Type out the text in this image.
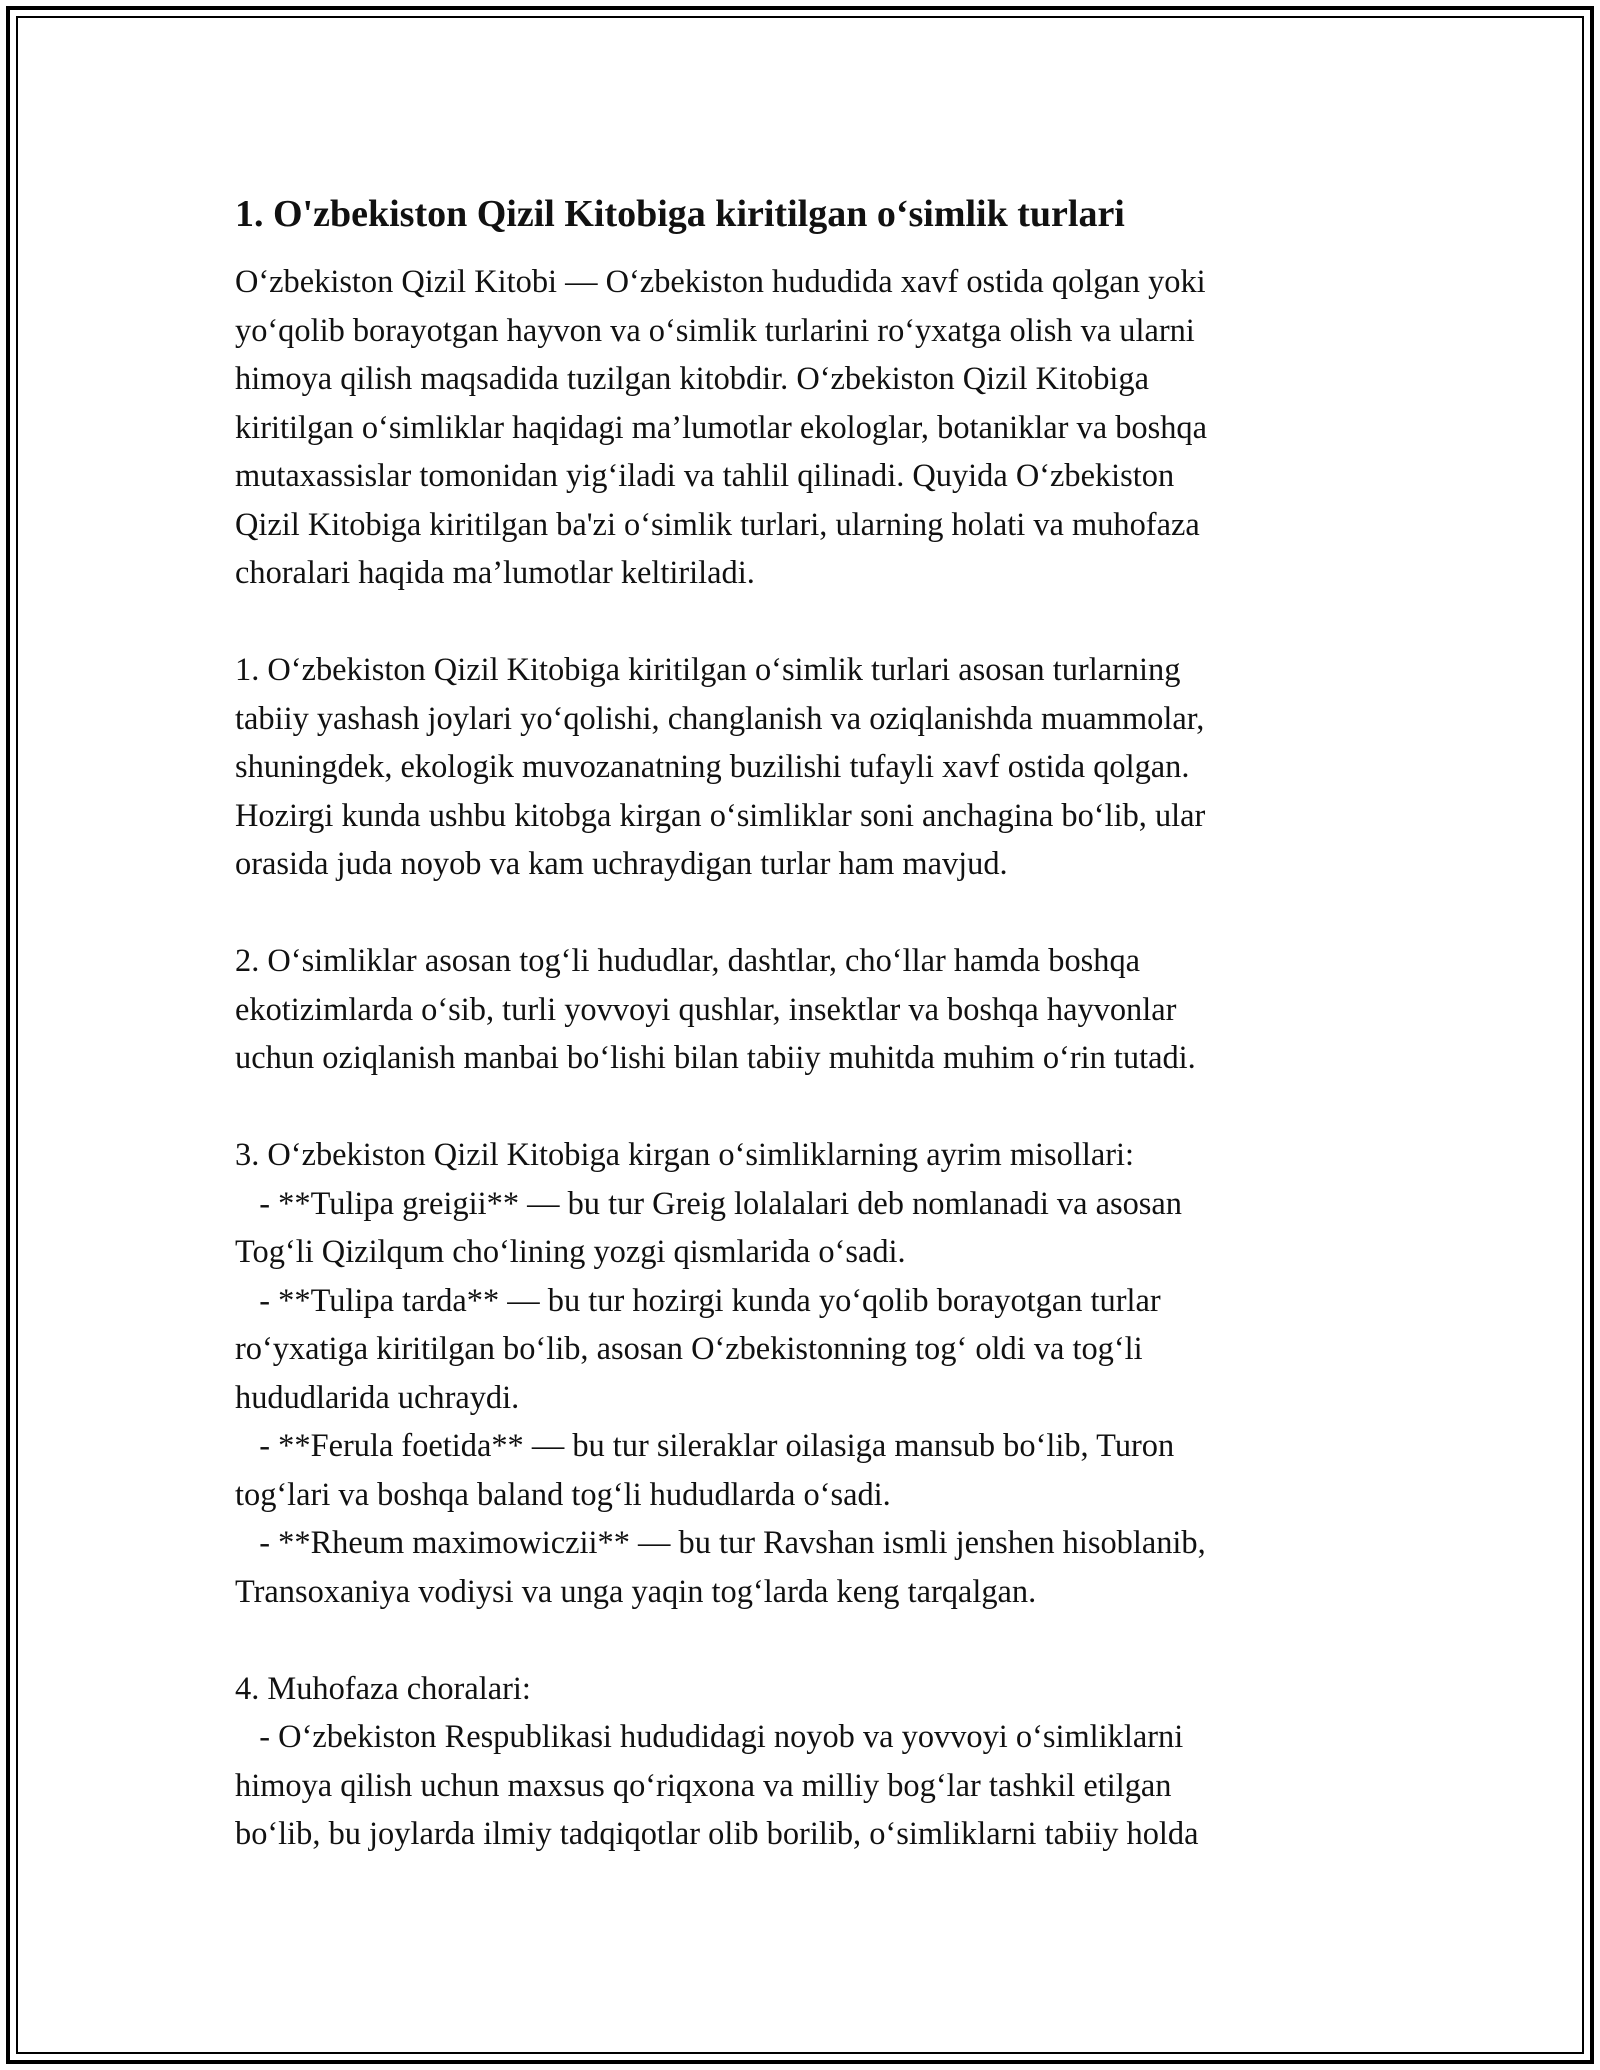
1. O'zbekiston Qizil Kitobiga kiritilgan o‘simlik turlari

O‘zbekiston Qizil Kitobi — O‘zbekiston hududida xavf ostida qolgan yoki
yo‘qolib borayotgan hayvon va o‘simlik turlarini ro‘yxatga olish va ularni
himoya qilish maqsadida tuzilgan kitobdir. O‘zbekiston Qizil Kitobiga
kiritilgan o‘simliklar haqidagi ma’lumotlar ekologlar, botaniklar va boshqa
mutaxassislar tomonidan yig‘iladi va tahlil qilinadi. Quyida O‘zbekiston
Qizil Kitobiga kiritilgan ba'zi o‘simlik turlari, ularning holati va muhofaza
choralari haqida ma’lumotlar keltiriladi.

1. O‘zbekiston Qizil Kitobiga kiritilgan o‘simlik turlari asosan turlarning
tabiiy yashash joylari yo‘qolishi, changlanish va oziqlanishda muammolar,
shuningdek, ekologik muvozanatning buzilishi tufayli xavf ostida qolgan.
Hozirgi kunda ushbu kitobga kirgan o‘simliklar soni anchagina bo‘lib, ular
orasida juda noyob va kam uchraydigan turlar ham mavjud.

2. O‘simliklar asosan tog‘li hududlar, dashtlar, cho‘llar hamda boshqa
ekotizimlarda o‘sib, turli yovvoyi qushlar, insektlar va boshqa hayvonlar
uchun oziqlanish manbai bo‘lishi bilan tabiiy muhitda muhim o‘rin tutadi.

3. O‘zbekiston Qizil Kitobiga kirgan o‘simliklarning ayrim misollari:
- **Tulipa greigii** — bu tur Greig lolalalari deb nomlanadi va asosan
Tog‘li Qizilqum cho‘lining yozgi qismlarida o‘sadi.
- **Tulipa tarda** — bu tur hozirgi kunda yo‘qolib borayotgan turlar
ro‘yxatiga kiritilgan bo‘lib, asosan O‘zbekistonning tog‘ oldi va tog‘li
hududlarida uchraydi.
- **Ferula foetida** — bu tur sileraklar oilasiga mansub bo‘lib, Turon
tog‘lari va boshqa baland tog‘li hududlarda o‘sadi.
- **Rheum maximowiczii** — bu tur Ravshan ismli jenshen hisoblanib,
Transoxaniya vodiysi va unga yaqin tog‘larda keng tarqalgan.

4. Muhofaza choralari:
- O‘zbekiston Respublikasi hududidagi noyob va yovvoyi o‘simliklarni
himoya qilish uchun maxsus qo‘riqxona va milliy bog‘lar tashkil etilgan
bo‘lib, bu joylarda ilmiy tadqiqotlar olib borilib, o‘simliklarni tabiiy holda
